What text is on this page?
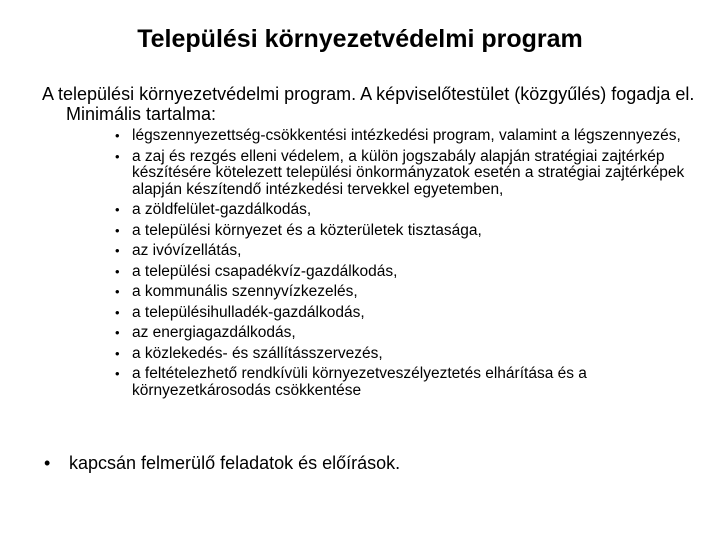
Települési környezetvédelmi program
A települési környezetvédelmi program. A képviselőtestület (közgyűlés) fogadja el. Minimális tartalma:
• légszennyezettség-csökkentési intézkedési program, valamint a légszennyezés,
• a zaj és rezgés elleni védelem, a külön jogszabály alapján stratégiai zajtérkép készítésére kötelezett települési önkormányzatok esetén a stratégiai zajtérképek alapján készítendő intézkedési tervekkel egyetemben,
• a zöldfelület-gazdálkodás,
• a települési környezet és a közterületek tisztasága,
• az ivóvízellátás,
• a települési csapadékvíz-gazdálkodás,
• a kommunális szennyvízkezelés,
• a településihulladék-gazdálkodás,
• az energiagazdálkodás,
• a közlekedés- és szállításszervezés,
• a feltételezhető rendkívüli környezetveszélyeztetés elhárítása és a környezetkárosodás csökkentése
• kapcsán felmerülő feladatok és előírások.
